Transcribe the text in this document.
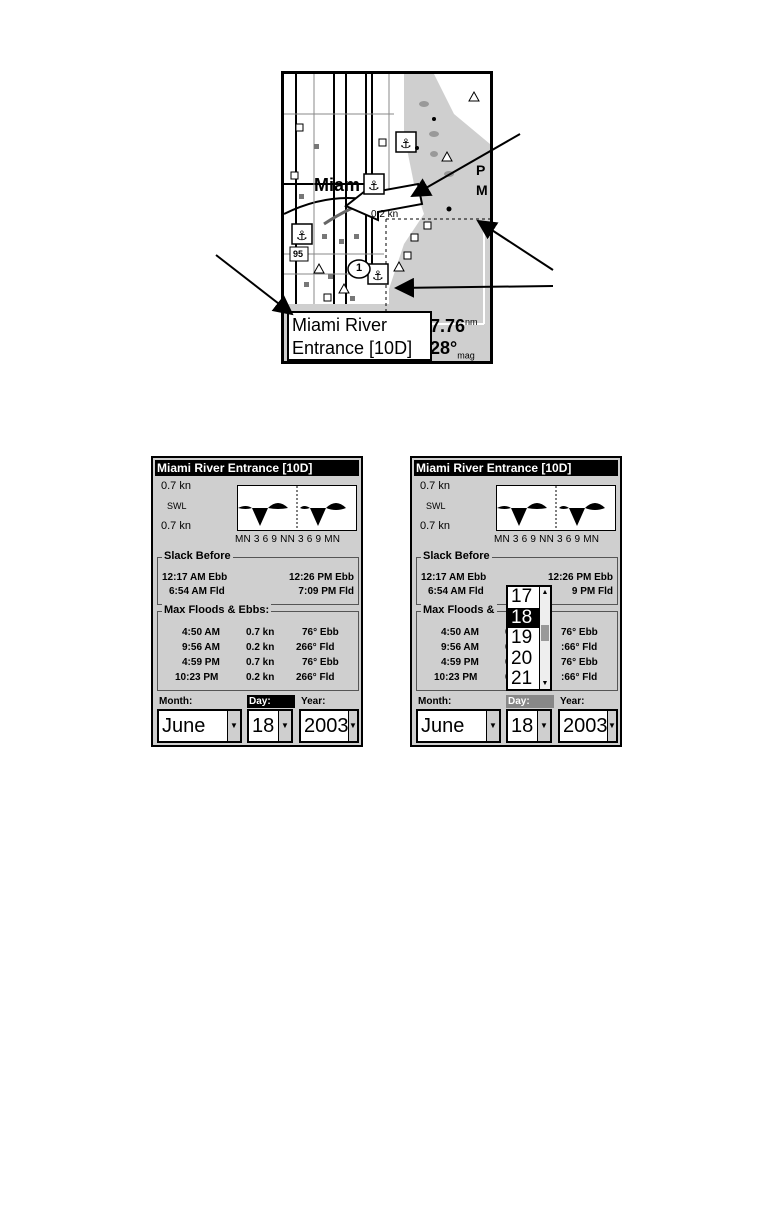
⚓
⚓
⚓
⚓
Miam
0.2 kn
95
1
P
M
Miami River
Entrance [10D]
$7.76^{nm}$
$28^\circ_{mag}$
Miami River Entrance [10D]
0.7 kn
SWL
0.7 kn
MN 3 6 9 NN 3 6 9 MN
Slack Before
12:17 AM Ebb	12:26 PM Ebb
6:54 AM Fld	7:09 PM Fld
Max Floods & Ebbs:
4:50 AM	0.7 kn	76° Ebb
9:56 AM	0.2 kn 266° Fld
4:59 PM	0.7 kn	76° Ebb
10:23 PM	0.2 kn 266° Fld
Month:	Day:	Year:
June	▼ 18 ▼ 2003 ▼
Miami River Entrance [10D]
0.7 kn
SWL
0.7 kn
MN 3 6 9 NN 3 6 9 MN
Slack Before
12:17 AM Ebb	12:26 PM Ebb
6:54 AM Fld	9 PM Fld
Max Floods &
4:50 AM	76° Ebb
9:56 AM	:66° Fld
4:59 PM	76° Ebb
10:23 PM	:66° Fld
17
18
19
20
21
▲
▼
Month:	Day:	Year:
June	▼ 18 ▼ 2003 ▼
